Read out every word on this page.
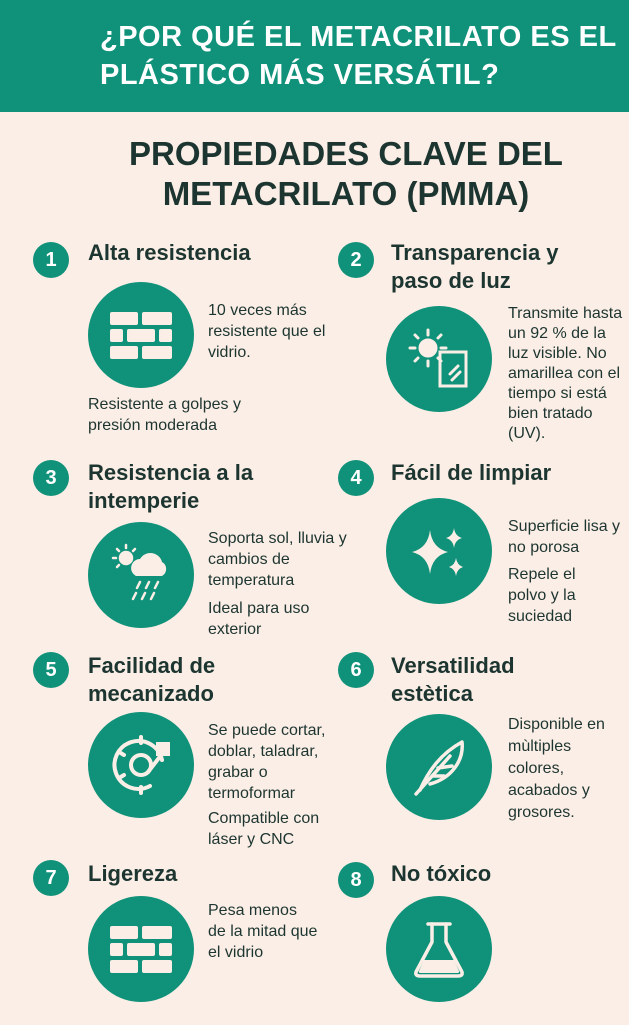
¿POR QUÉ EL METACRILATO ES EL PLÁSTICO MÁS VERSÁTIL?
PROPIEDADES CLAVE DEL METACRILATO (PMMA)
1	Alta resistencia
10 veces más resistente que el vidrio.
Resistente a golpes y presión moderada
2	Transparencia y paso de luz
Transmite hasta un 92 % de la luz visible. No amarillea con el tiempo si está bien tratado (UV).
3	Resistencia a la intemperie
Soporta sol, lluvia y cambios de temperatura
Ideal para uso exterior
4	Fácil de limpiar
Superficie lisa y no porosa
Repele el polvo y la suciedad
5	Facilidad de mecanizado
Se puede cortar, doblar, taladrar, grabar o termoformar
Compatible con láser y CNC
6	Versatilidad estètica
Disponible en mùltiples colores, acabados y grosores.
7	Ligereza
Pesa menos de la mitad que el vidrio
8	No tóxico
